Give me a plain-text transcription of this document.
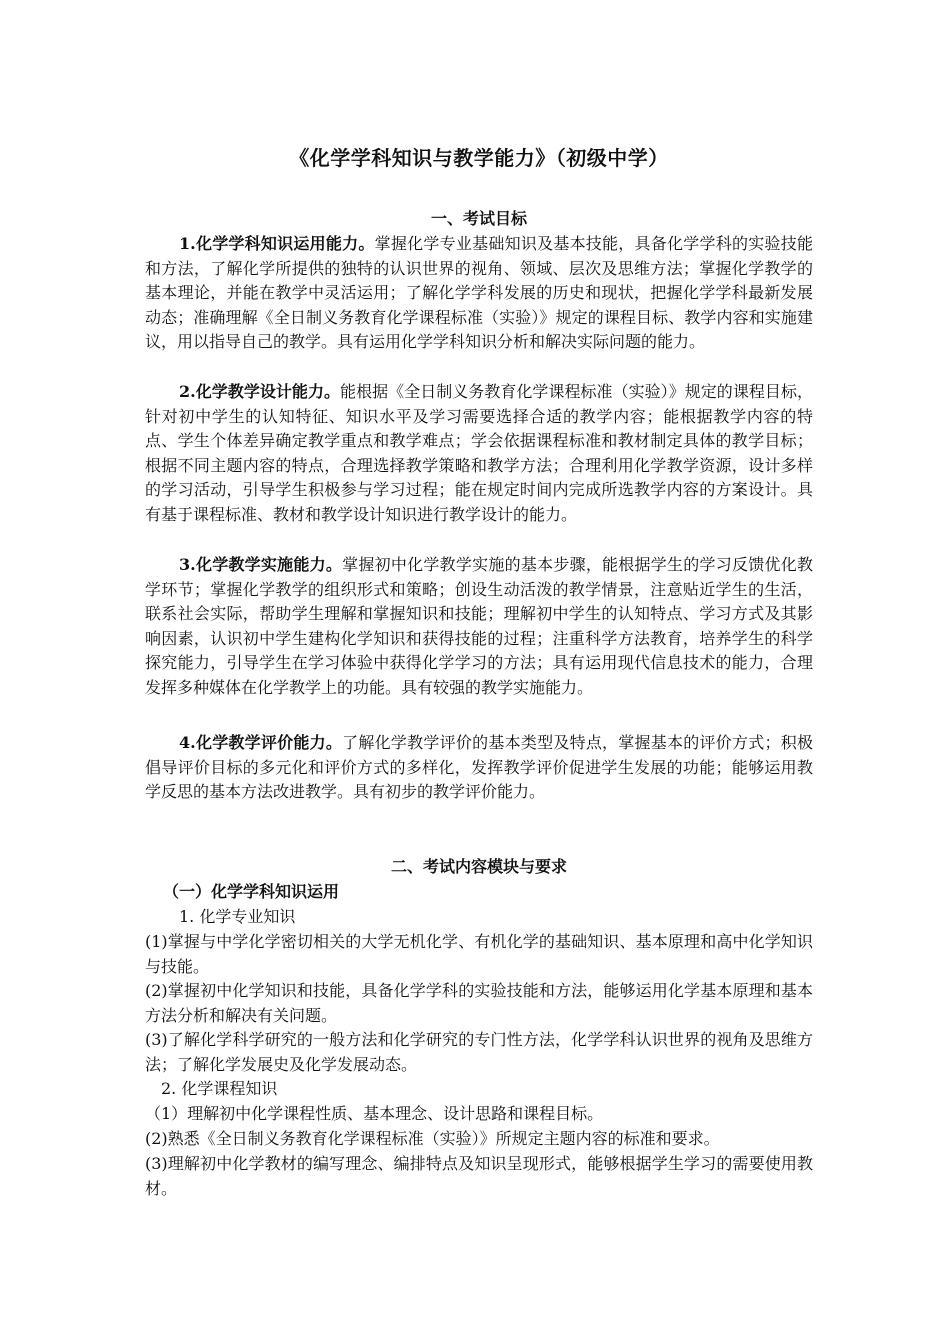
《化学学科知识与教学能力》（初级中学）
一、考试目标
1.化学学科知识运用能力。掌握化学专业基础知识及基本技能，具备化学学科的实验技能和方法，了解化学所提供的独特的认识世界的视角、领域、层次及思维方法；掌握化学教学的基本理论，并能在教学中灵活运用；了解化学学科发展的历史和现状，把握化学学科最新发展动态；准确理解《全日制义务教育化学课程标准（实验）》规定的课程目标、教学内容和实施建议，用以指导自己的教学。具有运用化学学科知识分析和解决实际问题的能力。
2.化学教学设计能力。能根据《全日制义务教育化学课程标准（实验）》规定的课程目标，针对初中学生的认知特征、知识水平及学习需要选择合适的教学内容；能根据教学内容的特点、学生个体差异确定教学重点和教学难点；学会依据课程标准和教材制定具体的教学目标；根据不同主题内容的特点，合理选择教学策略和教学方法；合理利用化学教学资源，设计多样的学习活动，引导学生积极参与学习过程；能在规定时间内完成所选教学内容的方案设计。具有基于课程标准、教材和教学设计知识进行教学设计的能力。
3.化学教学实施能力。掌握初中化学教学实施的基本步骤，能根据学生的学习反馈优化教学环节；掌握化学教学的组织形式和策略；创设生动活泼的教学情景，注意贴近学生的生活，联系社会实际，帮助学生理解和掌握知识和技能；理解初中学生的认知特点、学习方式及其影响因素，认识初中学生建构化学知识和获得技能的过程；注重科学方法教育，培养学生的科学探究能力，引导学生在学习体验中获得化学学习的方法；具有运用现代信息技术的能力，合理发挥多种媒体在化学教学上的功能。具有较强的教学实施能力。
4.化学教学评价能力。了解化学教学评价的基本类型及特点，掌握基本的评价方式；积极倡导评价目标的多元化和评价方式的多样化，发挥教学评价促进学生发展的功能；能够运用教学反思的基本方法改进教学。具有初步的教学评价能力。
二、考试内容模块与要求
（一）化学学科知识运用
1. 化学专业知识
(1)掌握与中学化学密切相关的大学无机化学、有机化学的基础知识、基本原理和高中化学知识与技能。
(2)掌握初中化学知识和技能，具备化学学科的实验技能和方法，能够运用化学基本原理和基本方法分析和解决有关问题。
(3)了解化学科学研究的一般方法和化学研究的专门性方法，化学学科认识世界的视角及思维方法；了解化学发展史及化学发展动态。
2. 化学课程知识
（1）理解初中化学课程性质、基本理念、设计思路和课程目标。
(2)熟悉《全日制义务教育化学课程标准（实验）》所规定主题内容的标准和要求。
(3)理解初中化学教材的编写理念、编排特点及知识呈现形式，能够根据学生学习的需要使用教材。
